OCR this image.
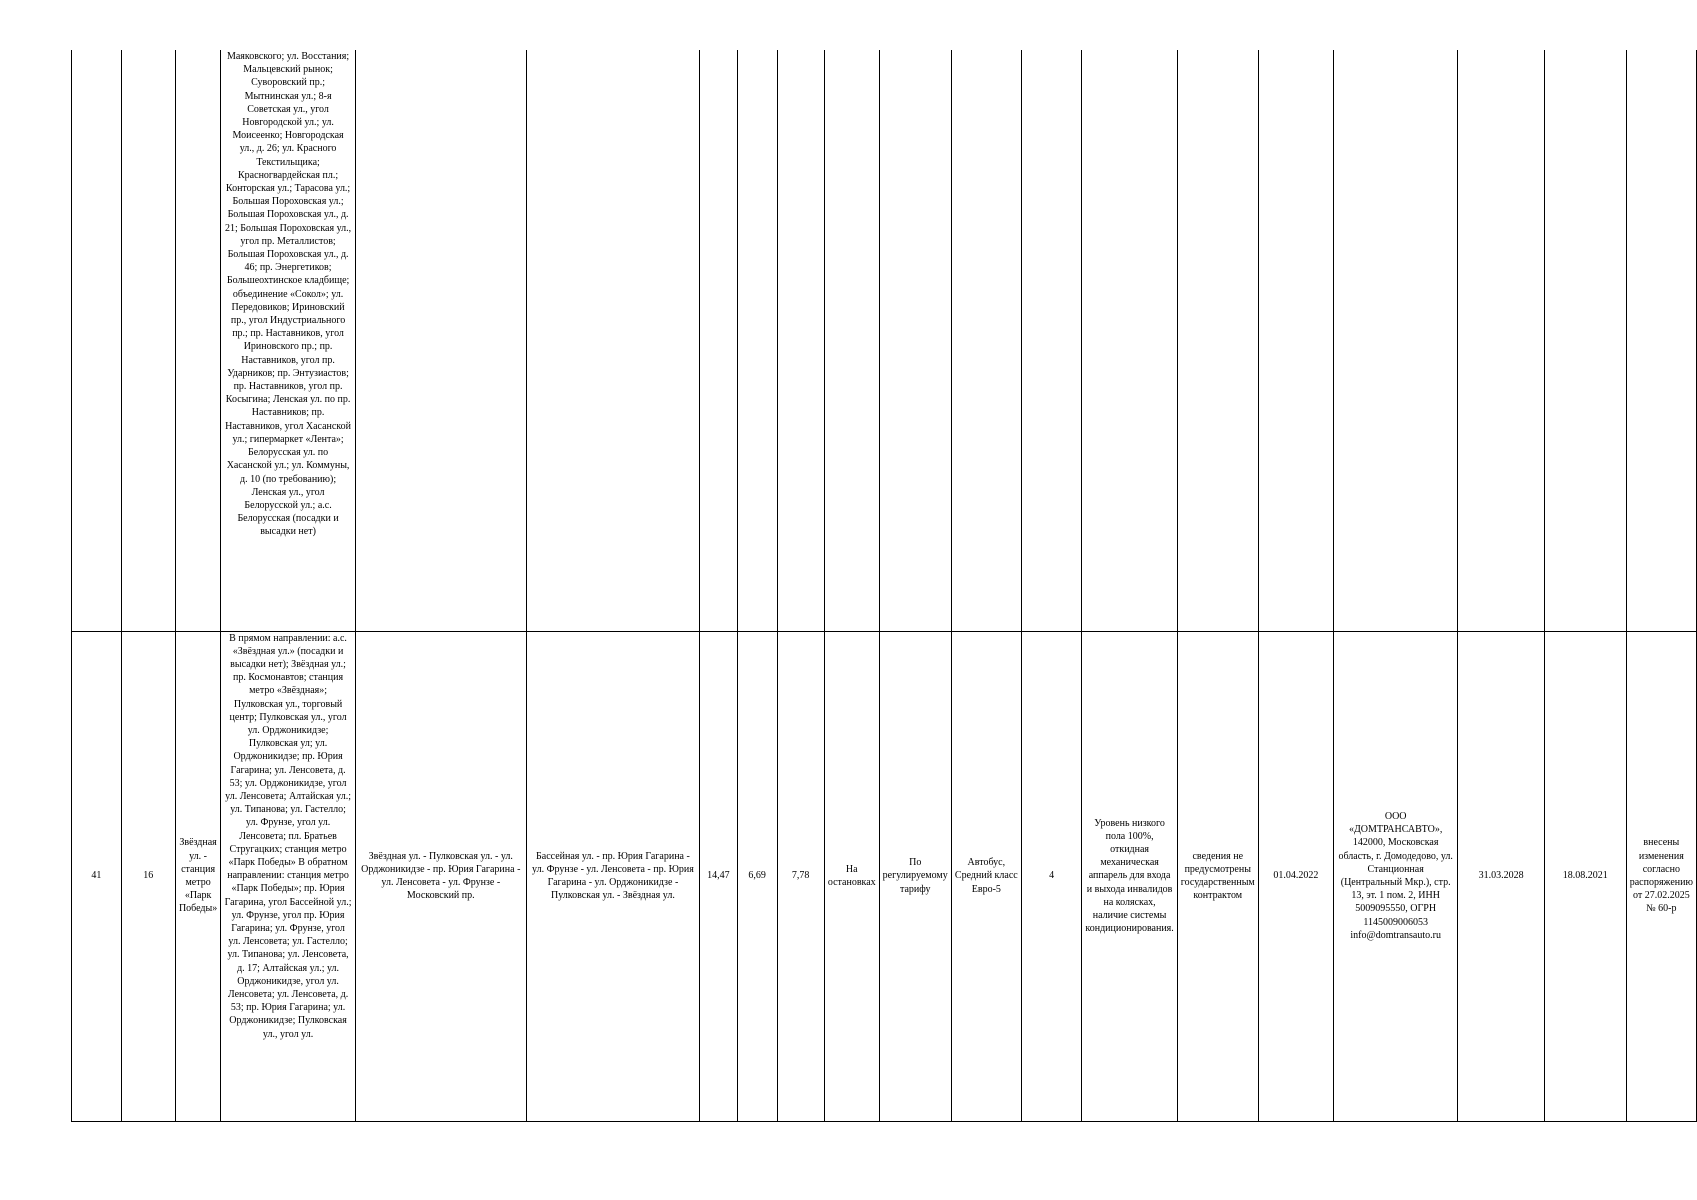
			Маяковского; ул. Восстания; Мальцевский рынок; Суворовский пр.; Мытнинская ул.; 8-я Советская ул., угол Новгородской ул.; ул. Моисеенко; Новгородская ул., д. 26; ул. Красного Текстильщика; Красногвардейская пл.; Конторская ул.; Тарасова ул.; Большая Пороховская ул.; Большая Пороховская ул., д. 21; Большая Пороховская ул., угол пр. Металлистов; Большая Пороховская ул., д. 46; пр. Энергетиков; Большеохтинское кладбище; объединение «Сокол»; ул. Передовиков; Ириновский пр., угол Индустриального пр.; пр. Наставников, угол Ириновского пр.; пр. Наставников, угол пр. Ударников; пр. Энтузиастов; пр. Наставников, угол пр. Косыгина; Ленская ул. по пр. Наставников; пр. Наставников, угол Хасанской ул.; гипермаркет «Лента»; Белорусская ул. по Хасанской ул.; ул. Коммуны, д. 10 (по требованию); Ленская ул., угол Белорусской ул.; а.с. Белорусская (посадки и высадки нет)																
41	16	Звёздная ул. - станция метро «Парк Победы»	В прямом направлении: а.с. «Звёздная ул.» (посадки и высадки нет); Звёздная ул.; пр. Космонавтов; станция метро «Звёздная»; Пулковская ул., торговый центр; Пулковская ул., угол ул. Орджоникидзе; Пулковская ул; ул. Орджоникидзе; пр. Юрия Гагарина; ул. Ленсовета, д. 53; ул. Орджоникидзе, угол ул. Ленсовета; Алтайская ул.; ул. Типанова; ул. Гастелло; ул. Фрунзе, угол ул. Ленсовета; пл. Братьев Стругацких; станция метро «Парк Победы» В обратном направлении: станция метро «Парк Победы»; пр. Юрия Гагарина, угол Бассейной ул.; ул. Фрунзе, угол пр. Юрия Гагарина; ул. Фрунзе, угол ул. Ленсовета; ул. Гастелло; ул. Типанова; ул. Ленсовета, д. 17; Алтайская ул.; ул. Орджоникидзе, угол ул. Ленсовета; ул. Ленсовета, д. 53; пр. Юрия Гагарина; ул. Орджоникидзе; Пулковская ул., угол ул.	Звёздная ул. - Пулковская ул. - ул. Орджоникидзе - пр. Юрия Гагарина - ул. Ленсовета - ул. Фрунзе - Московский пр.	Бассейная ул. - пр. Юрия Гагарина - ул. Фрунзе - ул. Ленсовета - пр. Юрия Гагарина - ул. Орджоникидзе - Пулковская ул. - Звёздная ул.	14,47	6,69	7,78	На остановках	По регулируемому тарифу	Автобус, Средний класс Евро-5	4	Уровень низкого пола 100%, откидная механическая аппарель для входа и выхода инвалидов на колясках, наличие системы кондиционирования.	сведения не предусмотрены государственным контрактом	01.04.2022	ООО «ДОМТРАНСАВТО», 142000, Московская область, г. Домодедово, ул. Станционная (Центральный Мкр.), стр. 13, эт. 1 пом. 2, ИНН 5009095550, ОГРН 1145009006053 info@domtransauto.ru	31.03.2028	18.08.2021	внесены изменения согласно распоряжению от 27.02.2025 № 60-р
